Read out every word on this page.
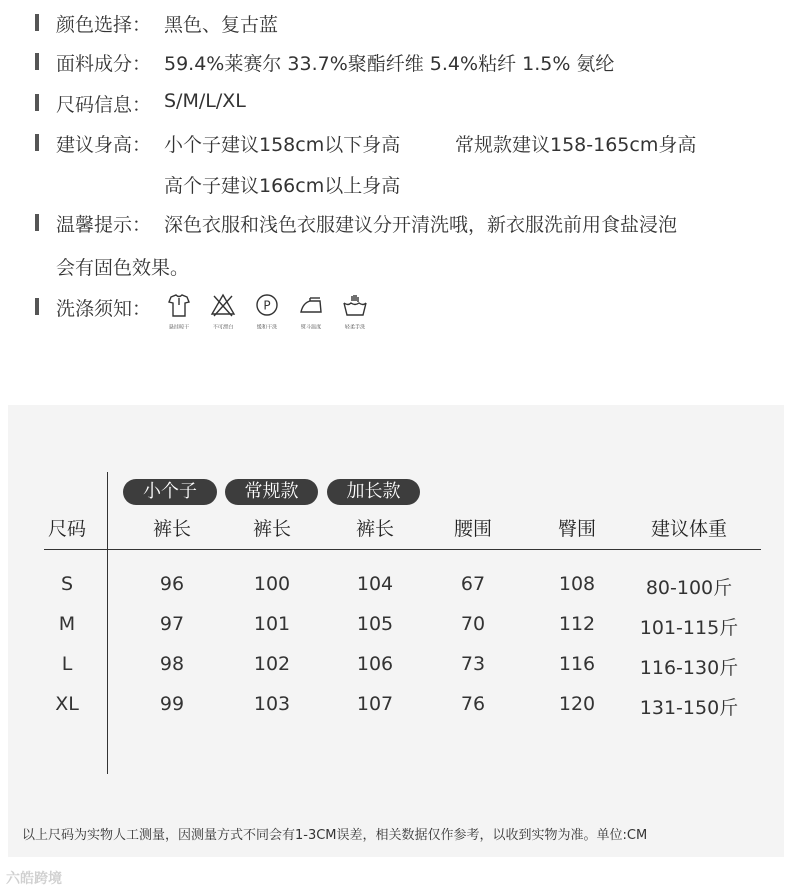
颜色选择： 黑色、复古蓝
面料成分： 59.4%莱赛尔 33.7%聚酯纤维 5.4%粘纤 1.5% 氨纶
尺码信息： S/M/L/XL
建议身高： 小个子建议158cm以下身高	常规款建议158-165cm身高
高个子建议166cm以上身高
温馨提示： 深色衣服和浅色衣服建议分开清洗哦，新衣服洗前用食盐浸泡
会有固色效果。
洗涤须知：
悬挂晾干	不可漂白
P
缓和干洗	熨斗温度	轻柔手洗
小个子	常规款	加长款
尺码	裤长	裤长	裤长	腰围	臀围	建议体重
S	96	100	104	67	108	80-100斤
M	97	101	105	70	112	101-115斤
L	98	102	106	73	116	116-130斤
XL	99	103	107	76	120	131-150斤
以上尺码为实物人工测量，因测量方式不同会有1-3CM误差，相关数据仅作参考，以收到实物为准。单位:CM
六皓跨境
